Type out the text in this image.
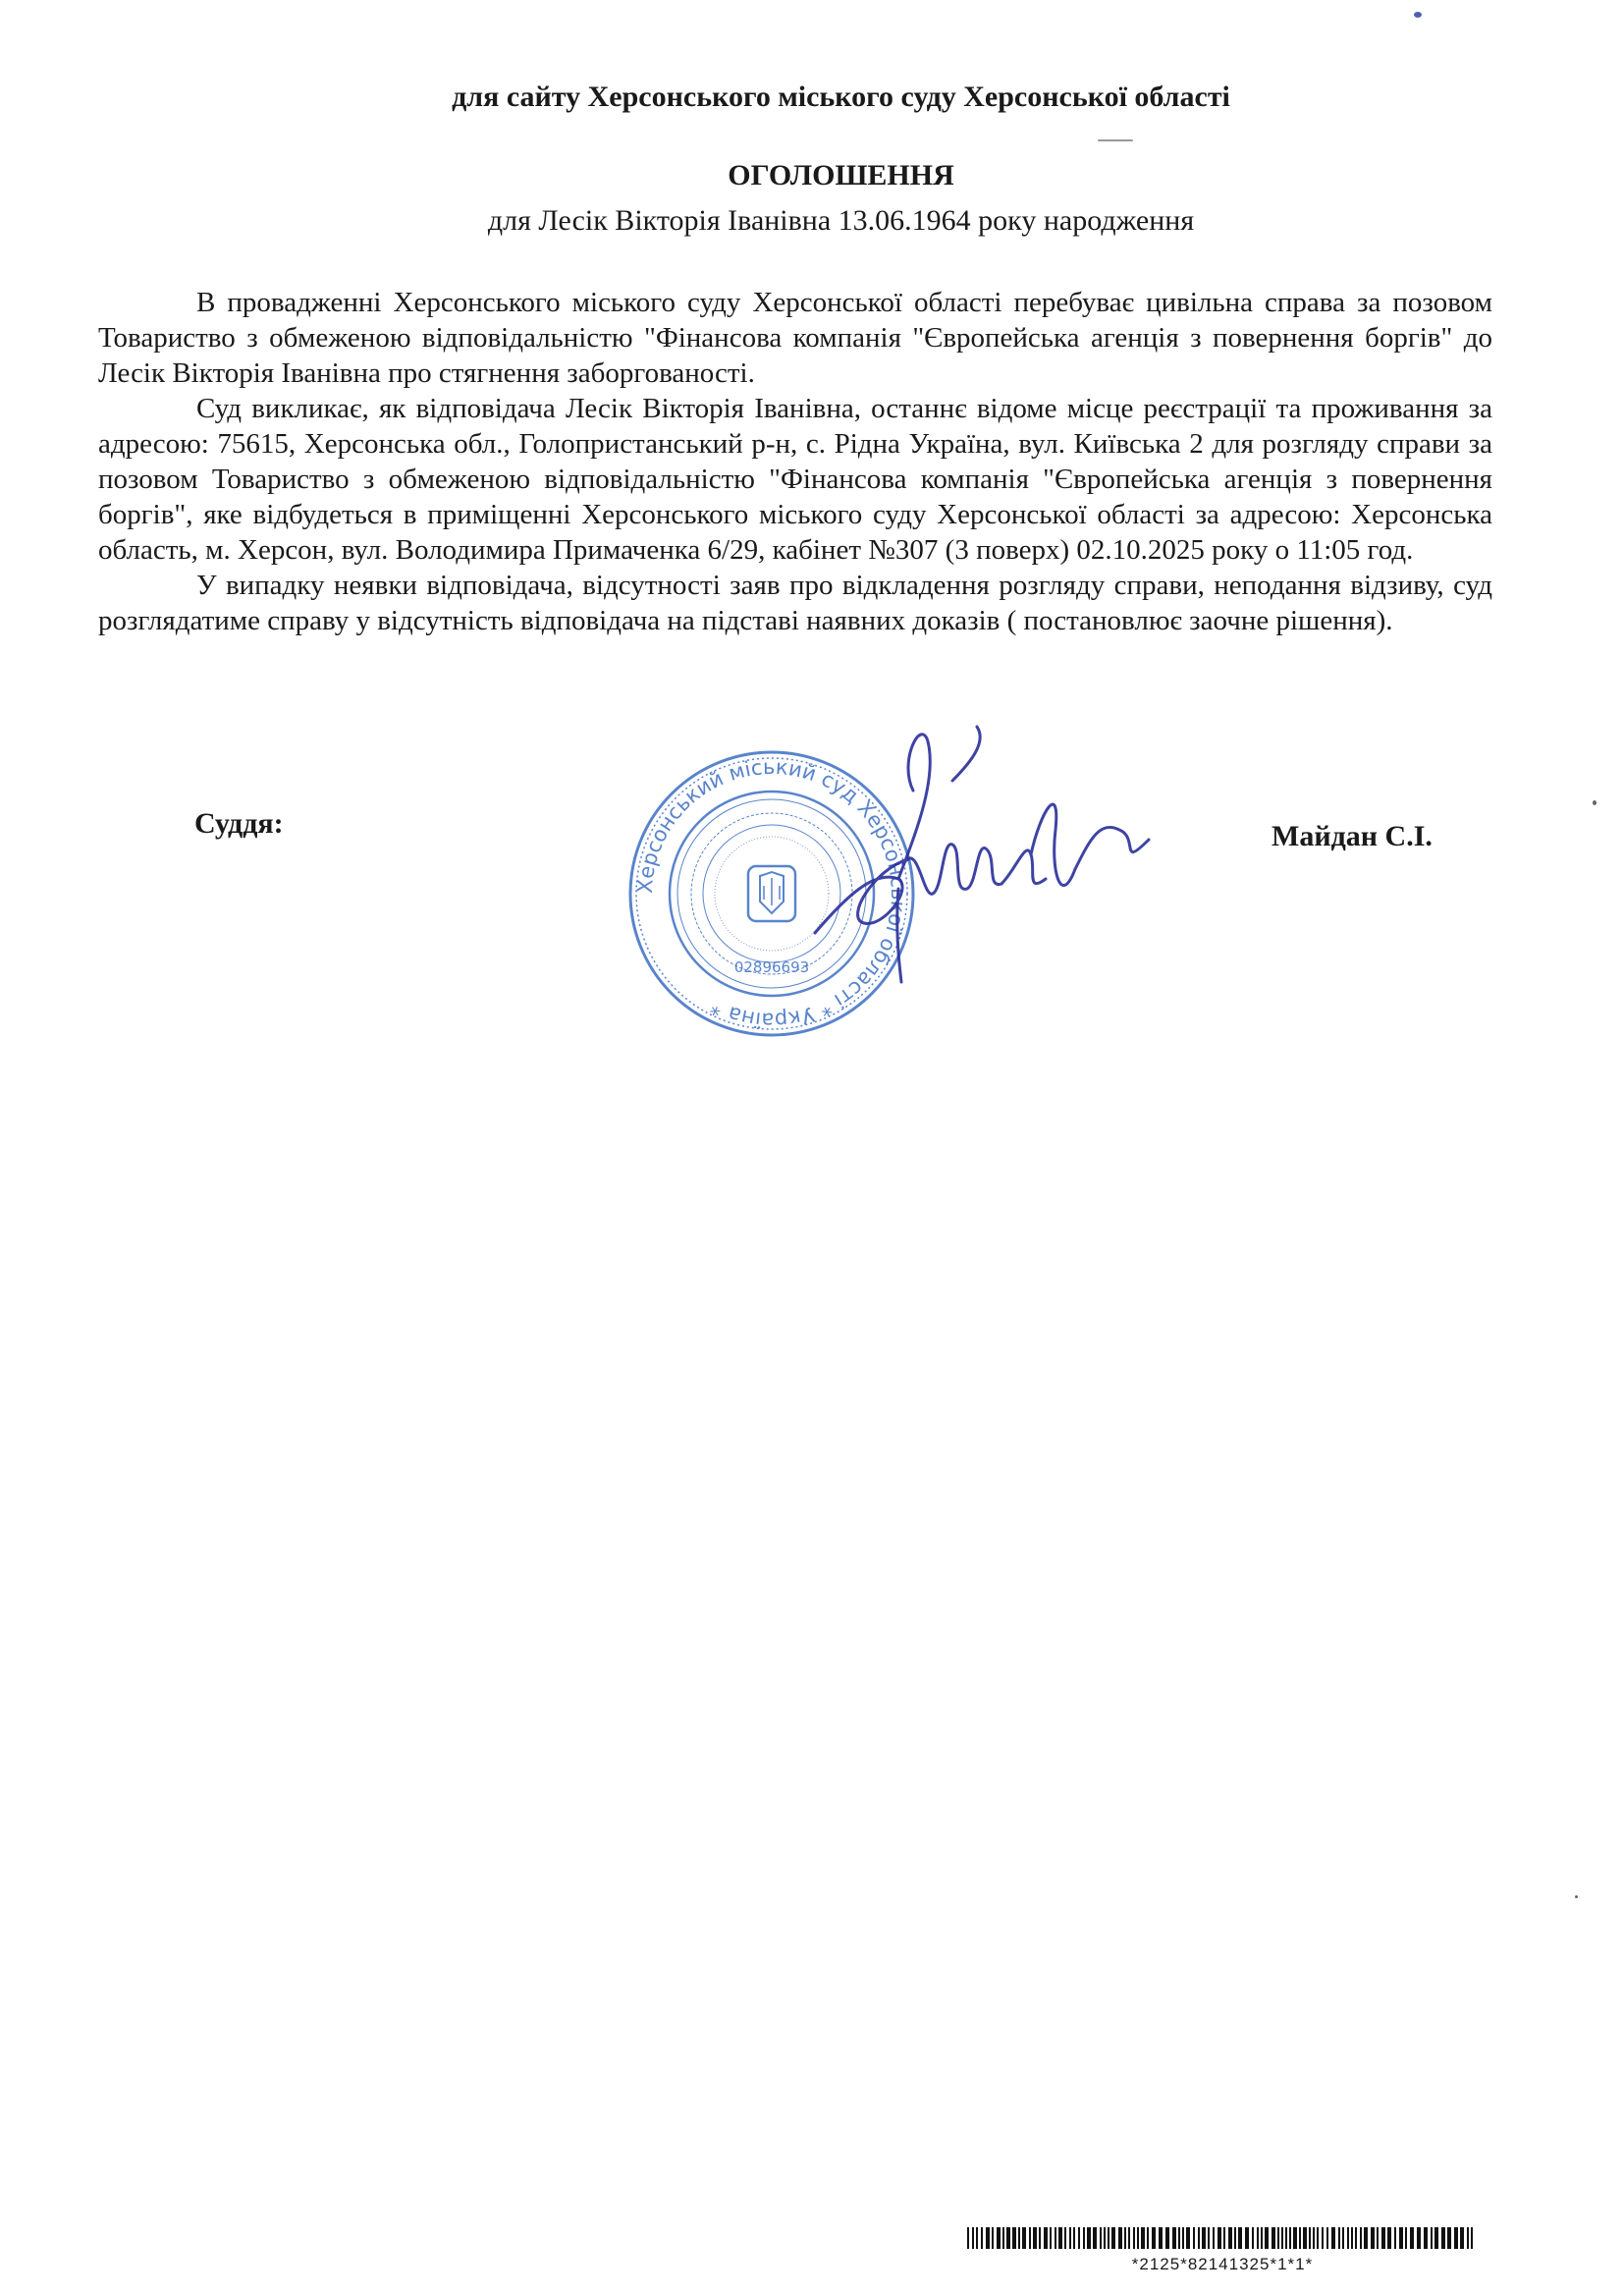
для сайту Херсонського міського суду Херсонської області
ОГОЛОШЕННЯ
для Лесік Вікторія Іванівна 13.06.1964 року народження

В провадженні Херсонського міського суду Херсонської області перебуває цивільна справа за позовом Товариство з обмеженою відповідальністю "Фінансова компанія "Європейська агенція з повернення боргів" до Лесік Вікторія Іванівна про стягнення заборгованості.

Суд викликає, як відповідача Лесік Вікторія Іванівна, останнє відоме місце реєстрації та проживання за адресою: 75615, Херсонська обл., Голопристанський р-н, с. Рідна Україна, вул. Київська 2 для розгляду справи за позовом Товариство з обмеженою відповідальністю "Фінансова компанія "Європейська агенція з повернення боргів", яке відбудеться в приміщенні Херсонського міського суду Херсонської області за адресою: Херсонська область, м. Херсон, вул. Володимира Примаченка 6/29, кабінет №307 (3 поверх) 02.10.2025 року о 11:05 год.

У випадку неявки відповідача, відсутності заяв про відкладення розгляду справи, неподання відзиву, суд розглядатиме справу у відсутність відповідача на підставі наявних доказів ( постановлює заочне рішення).

Суддя:	Майдан С.І.
Херсонський міський суд Херсонської області * Україна *
02896693
*2125*82141325*1*1*
